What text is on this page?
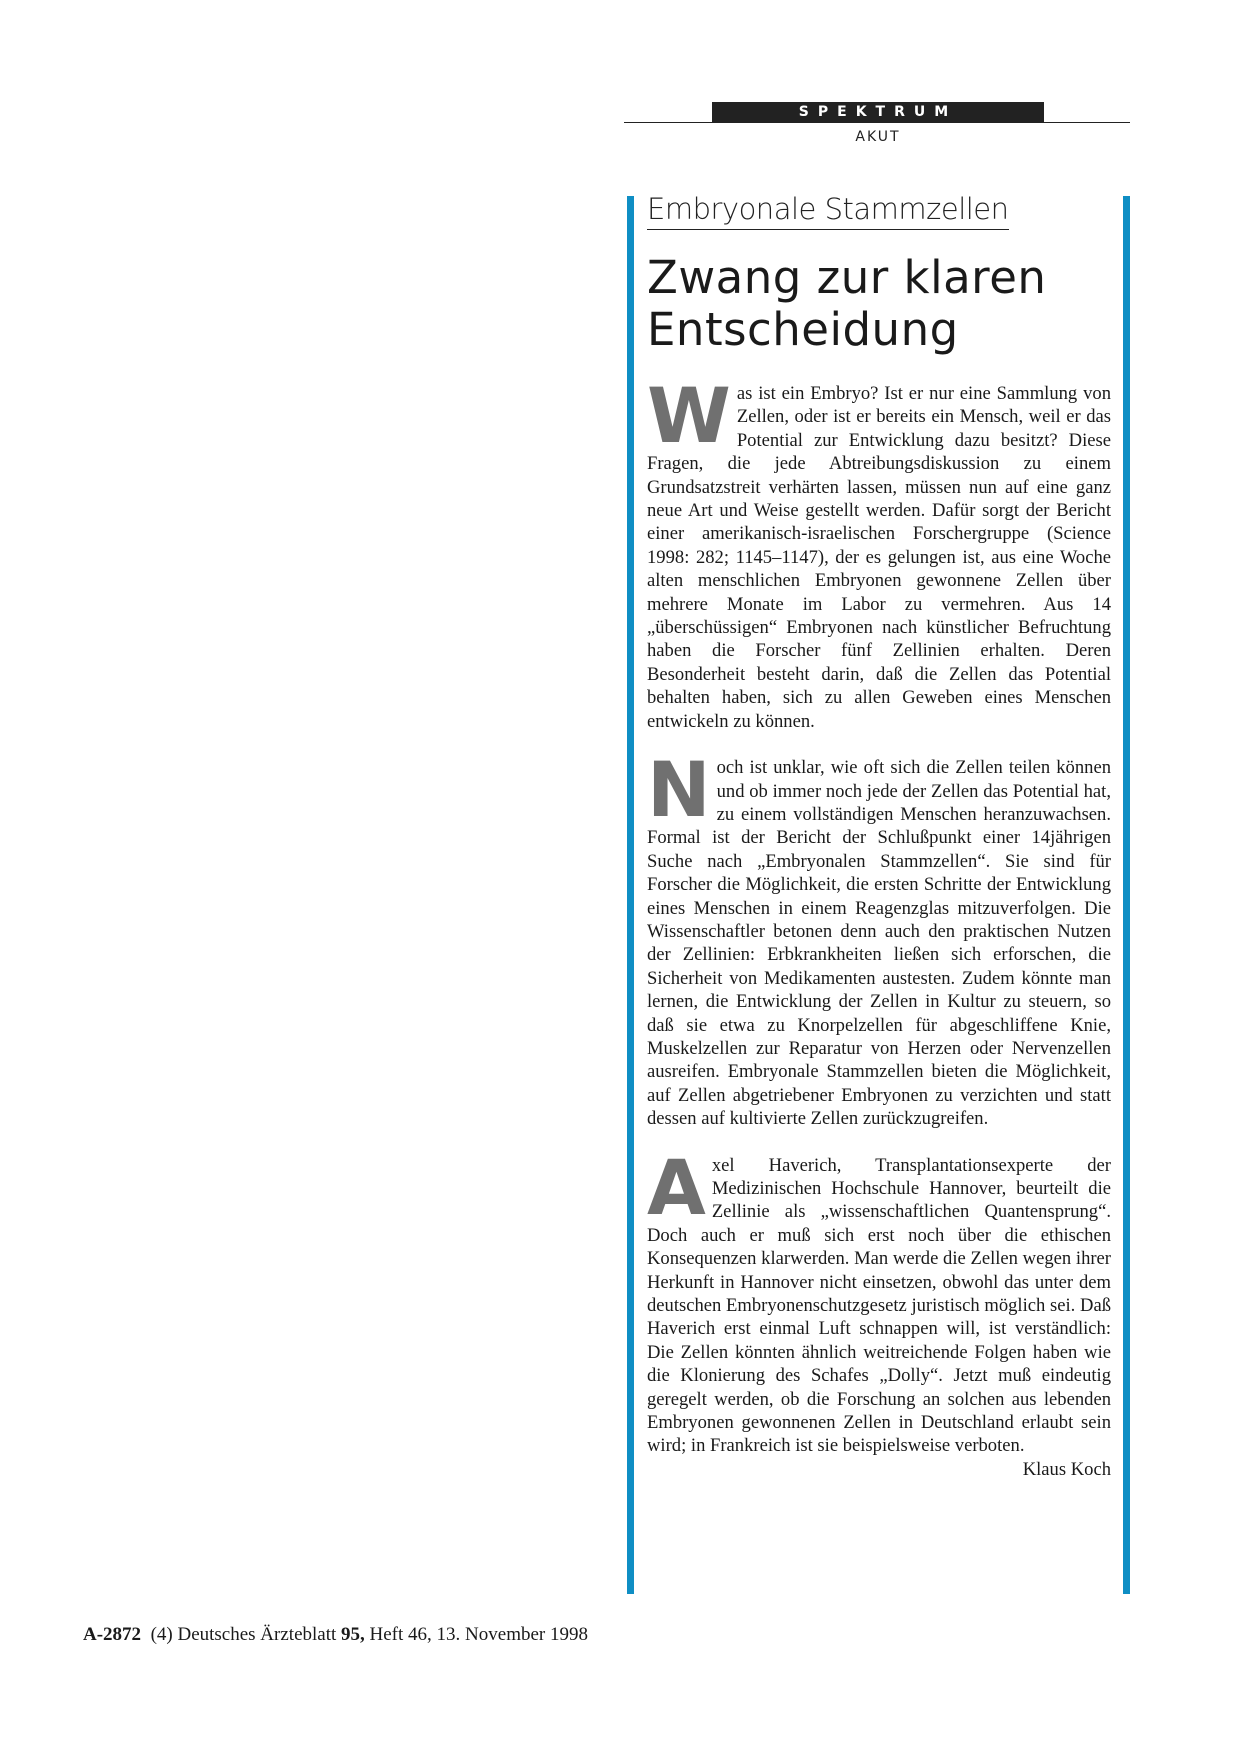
SPEKTRUM
AKUT
Embryonale Stammzellen
Zwang zur klaren
Entscheidung

Was ist ein Embryo? Ist er nur eine Sammlung von Zellen, oder ist er bereits ein Mensch, weil er das Potential zur Entwicklung dazu besitzt? Diese Fragen, die jede Abtreibungsdiskussion zu einem Grundsatzstreit verhärten lassen, müssen nun auf eine ganz neue Art und Weise gestellt werden. Dafür sorgt der Bericht einer amerikanisch-israelischen Forschergruppe (Science 1998: 282; 1145–1147), der es gelungen ist, aus eine Woche alten menschlichen Embryonen gewonnene Zellen über mehrere Monate im Labor zu vermehren. Aus 14 „überschüssigen“ Embryonen nach künstlicher Befruchtung haben die Forscher fünf Zellinien erhalten. Deren Besonderheit besteht darin, daß die Zellen das Potential behalten haben, sich zu allen Geweben eines Menschen entwickeln zu können.

Noch ist unklar, wie oft sich die Zellen teilen können und ob immer noch jede der Zellen das Potential hat, zu einem vollständigen Menschen heranzuwachsen. Formal ist der Bericht der Schlußpunkt einer 14jährigen Suche nach „Embryonalen Stammzellen“. Sie sind für Forscher die Möglichkeit, die ersten Schritte der Entwicklung eines Menschen in einem Reagenzglas mitzuverfolgen. Die Wissenschaftler betonen denn auch den praktischen Nutzen der Zellinien: Erbkrankheiten ließen sich erforschen, die Sicherheit von Medikamenten austesten. Zudem könnte man lernen, die Entwicklung der Zellen in Kultur zu steuern, so daß sie etwa zu Knorpelzellen für abgeschliffene Knie, Muskelzellen zur Reparatur von Herzen oder Nervenzellen ausreifen. Embryonale Stammzellen bieten die Möglichkeit, auf Zellen abgetriebener Embryonen zu verzichten und statt dessen auf kultivierte Zellen zurückzugreifen.

Axel Haverich, Transplantationsexperte der Medizinischen Hochschule Hannover, beurteilt die Zellinie als „wissenschaftlichen Quantensprung“. Doch auch er muß sich erst noch über die ethischen Konsequenzen klarwerden. Man werde die Zellen wegen ihrer Herkunft in Hannover nicht einsetzen, obwohl das unter dem deutschen Embryonenschutzgesetz juristisch möglich sei. Daß Haverich erst einmal Luft schnappen will, ist verständlich: Die Zellen könnten ähnlich weitreichende Folgen haben wie die Klonierung des Schafes „Dolly“. Jetzt muß eindeutig geregelt werden, ob die Forschung an solchen aus lebenden Embryonen gewonnenen Zellen in Deutschland erlaubt sein wird; in Frankreich ist sie beispielsweise verboten.
Klaus Koch

A-2872 (4) Deutsches Ärzteblatt 95, Heft 46, 13. November 1998
